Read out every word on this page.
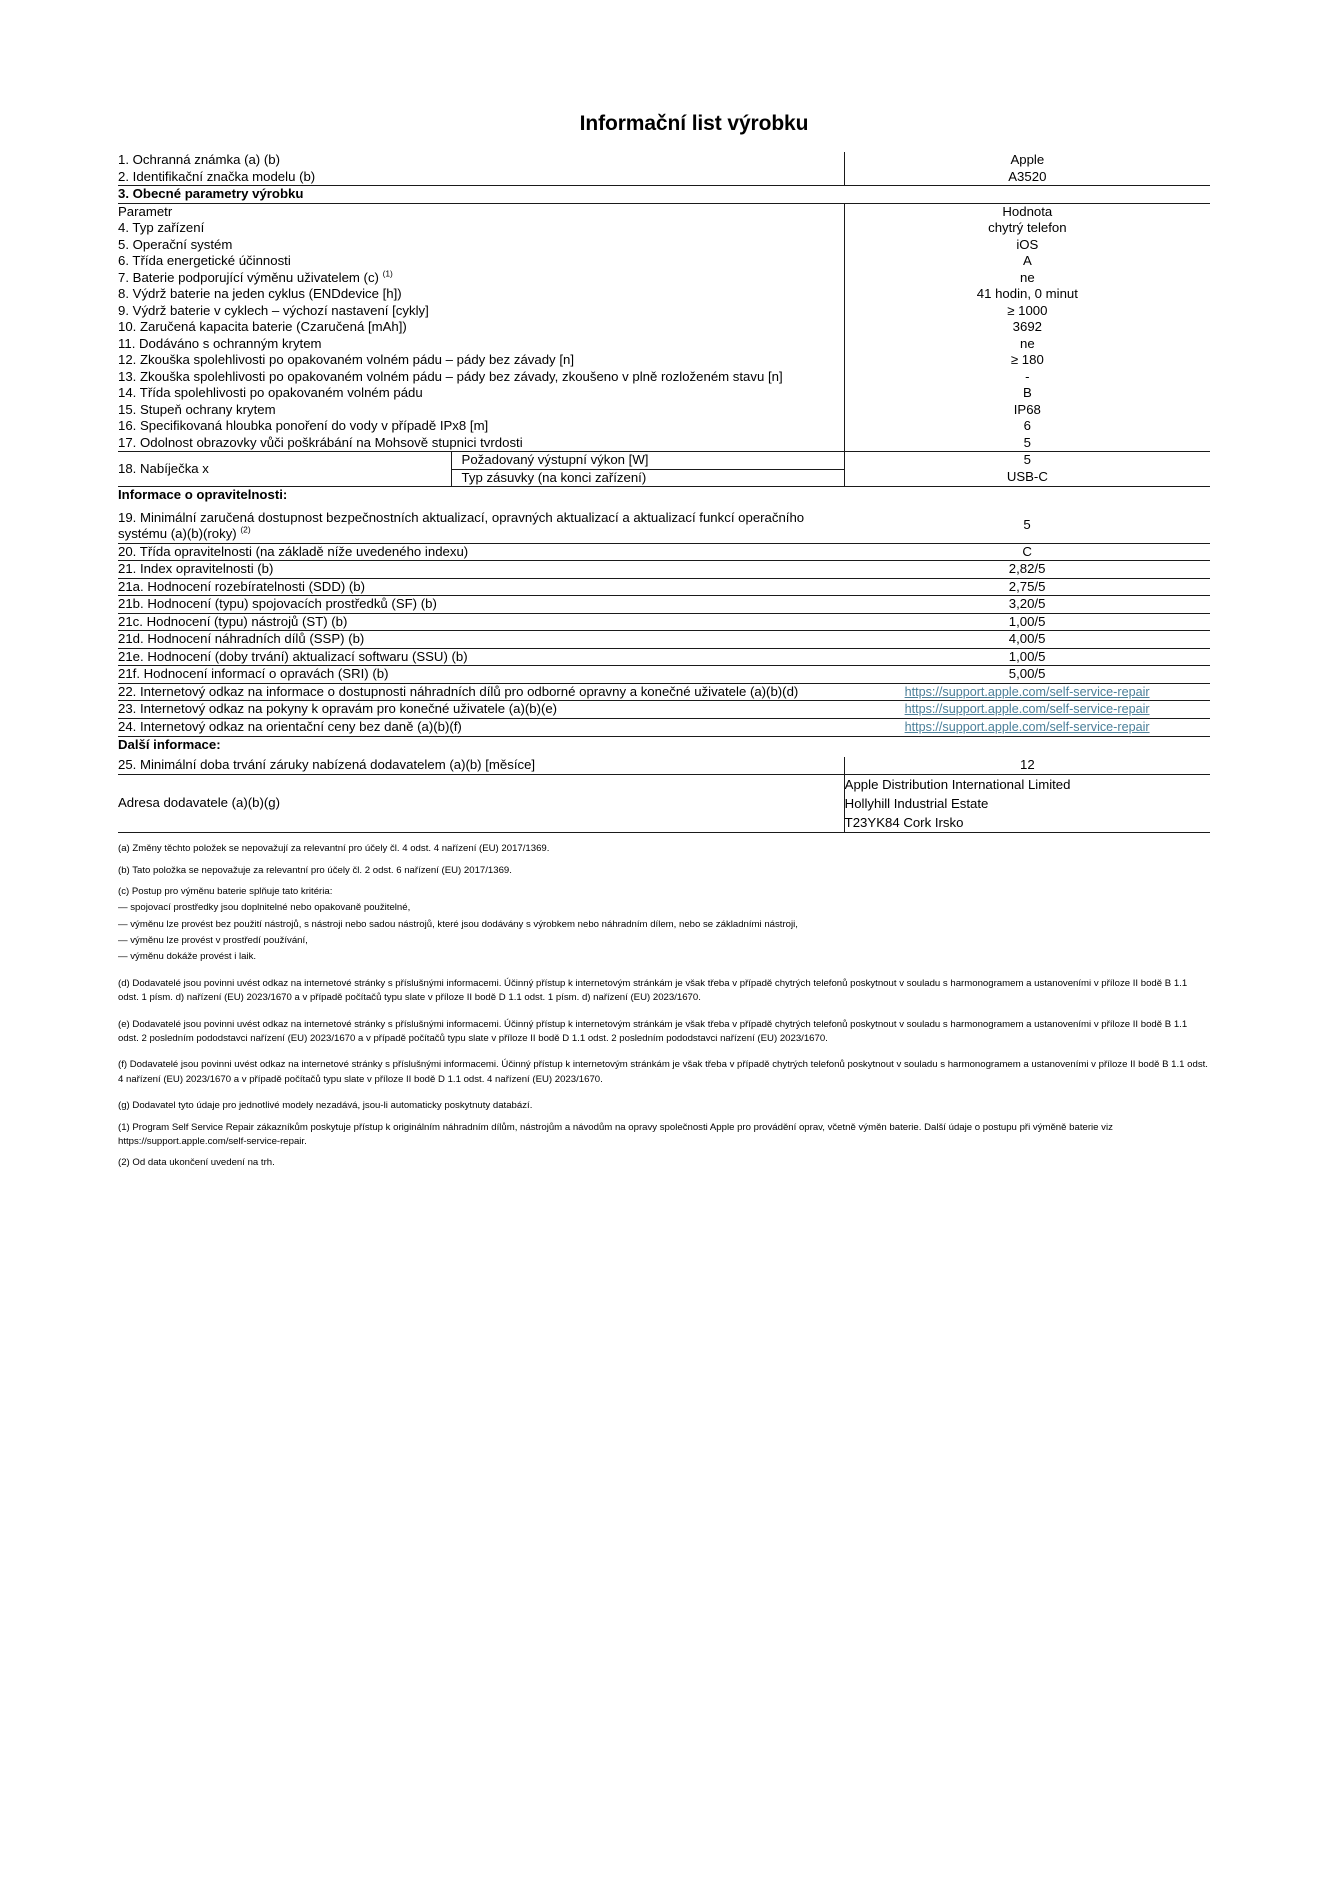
Informační list výrobku
1. Ochranná známka (a) (b)	Apple
2. Identifikační značka modelu (b)	A3520
3. Obecné parametry výrobku	
Parametr	Hodnota
4. Typ zařízení	chytrý telefon
5. Operační systém	iOS
6. Třída energetické účinnosti	A
7. Baterie podporující výměnu uživatelem (c) $^{(1)}$	ne
8. Výdrž baterie na jeden cyklus (ENDdevice [h])	41 hodin, 0 minut
9. Výdrž baterie v cyklech – výchozí nastavení [cykly]	≥ 1000
10. Zaručená kapacita baterie (Czaručená [mAh])	3692
11. Dodáváno s ochranným krytem	ne
12. Zkouška spolehlivosti po opakovaném volném pádu – pády bez závady [n]	≥ 180
13. Zkouška spolehlivosti po opakovaném volném pádu – pády bez závady, zkoušeno v plně rozloženém stavu [n]	-
14. Třída spolehlivosti po opakovaném volném pádu	B
15. Stupeň ochrany krytem	IP68
16. Specifikovaná hloubka ponoření do vody v případě IPx8 [m]	6
17. Odolnost obrazovky vůči poškrábání na Mohsově stupnici tvrdosti	5
18. Nabíječka x	Požadovaný výstupní výkon [W]	5
	Typ zásuvky (na konci zařízení)	USB-C

Informace o opravitelnosti:	

19. Minimální zaručená dostupnost bezpečnostních aktualizací, opravných aktualizací a aktualizací funkcí operačního
systému (a)(b)(roky) $^{(2)}$	5
20. Třída opravitelnosti (na základě níže uvedeného indexu)	C
21. Index opravitelnosti (b)	2,82/5
21a. Hodnocení rozebíratelnosti (SDD) (b)	2,75/5
21b. Hodnocení (typu) spojovacích prostředků (SF) (b)	3,20/5
21c. Hodnocení (typu) nástrojů (ST) (b)	1,00/5
21d. Hodnocení náhradních dílů (SSP) (b)	4,00/5
21e. Hodnocení (doby trvání) aktualizací softwaru (SSU) (b)	1,00/5
21f. Hodnocení informací o opravách (SRI) (b)	5,00/5
22. Internetový odkaz na informace o dostupnosti náhradních dílů pro odborné opravny a konečné uživatele (a)(b)(d)	https://support.apple.com/self-service-repair
23. Internetový odkaz na pokyny k opravám pro konečné uživatele (a)(b)(e)	https://support.apple.com/self-service-repair
24. Internetový odkaz na orientační ceny bez daně (a)(b)(f)	https://support.apple.com/self-service-repair
Další informace:	
25. Minimální doba trvání záruky nabízená dodavatelem (a)(b) [měsíce]	12
Adresa dodavatele (a)(b)(g)	Apple Distribution International Limited
Hollyhill Industrial Estate
T23YK84 Cork Irsko

(a) Změny těchto položek se nepovažují za relevantní pro účely čl. 4 odst. 4 nařízení (EU) 2017/1369.

(b) Tato položka se nepovažuje za relevantní pro účely čl. 2 odst. 6 nařízení (EU) 2017/1369.

(c) Postup pro výměnu baterie splňuje tato kritéria:

— spojovací prostředky jsou doplnitelné nebo opakovaně použitelné,

— výměnu lze provést bez použití nástrojů, s nástroji nebo sadou nástrojů, které jsou dodávány s výrobkem nebo náhradním dílem, nebo se základními nástroji,

— výměnu lze provést v prostředí používání,

— výměnu dokáže provést i laik.

(d) Dodavatelé jsou povinni uvést odkaz na internetové stránky s příslušnými informacemi. Účinný přístup k internetovým stránkám je však třeba v případě chytrých telefonů poskytnout v souladu s harmonogramem a ustanoveními v příloze II bodě B 1.1 odst. 1 písm. d) nařízení (EU) 2023/1670 a v případě počítačů typu slate v příloze II bodě D 1.1 odst. 1 písm. d) nařízení (EU) 2023/1670.

(e) Dodavatelé jsou povinni uvést odkaz na internetové stránky s příslušnými informacemi. Účinný přístup k internetovým stránkám je však třeba v případě chytrých telefonů poskytnout v souladu s harmonogramem a ustanoveními v příloze II bodě B 1.1 odst. 2 posledním pododstavci nařízení (EU) 2023/1670 a v případě počítačů typu slate v příloze II bodě D 1.1 odst. 2 posledním pododstavci nařízení (EU) 2023/1670.

(f) Dodavatelé jsou povinni uvést odkaz na internetové stránky s příslušnými informacemi. Účinný přístup k internetovým stránkám je však třeba v případě chytrých telefonů poskytnout v souladu s harmonogramem a ustanoveními v příloze II bodě B 1.1 odst. 4 nařízení (EU) 2023/1670 a v případě počítačů typu slate v příloze II bodě D 1.1 odst. 4 nařízení (EU) 2023/1670.

(g) Dodavatel tyto údaje pro jednotlivé modely nezadává, jsou-li automaticky poskytnuty databází.

(1) Program Self Service Repair zákazníkům poskytuje přístup k originálním náhradním dílům, nástrojům a návodům na opravy společnosti Apple pro provádění oprav, včetně výměn baterie. Další údaje o postupu při výměně baterie viz https://support.apple.com/self-service-repair.

(2) Od data ukončení uvedení na trh.
